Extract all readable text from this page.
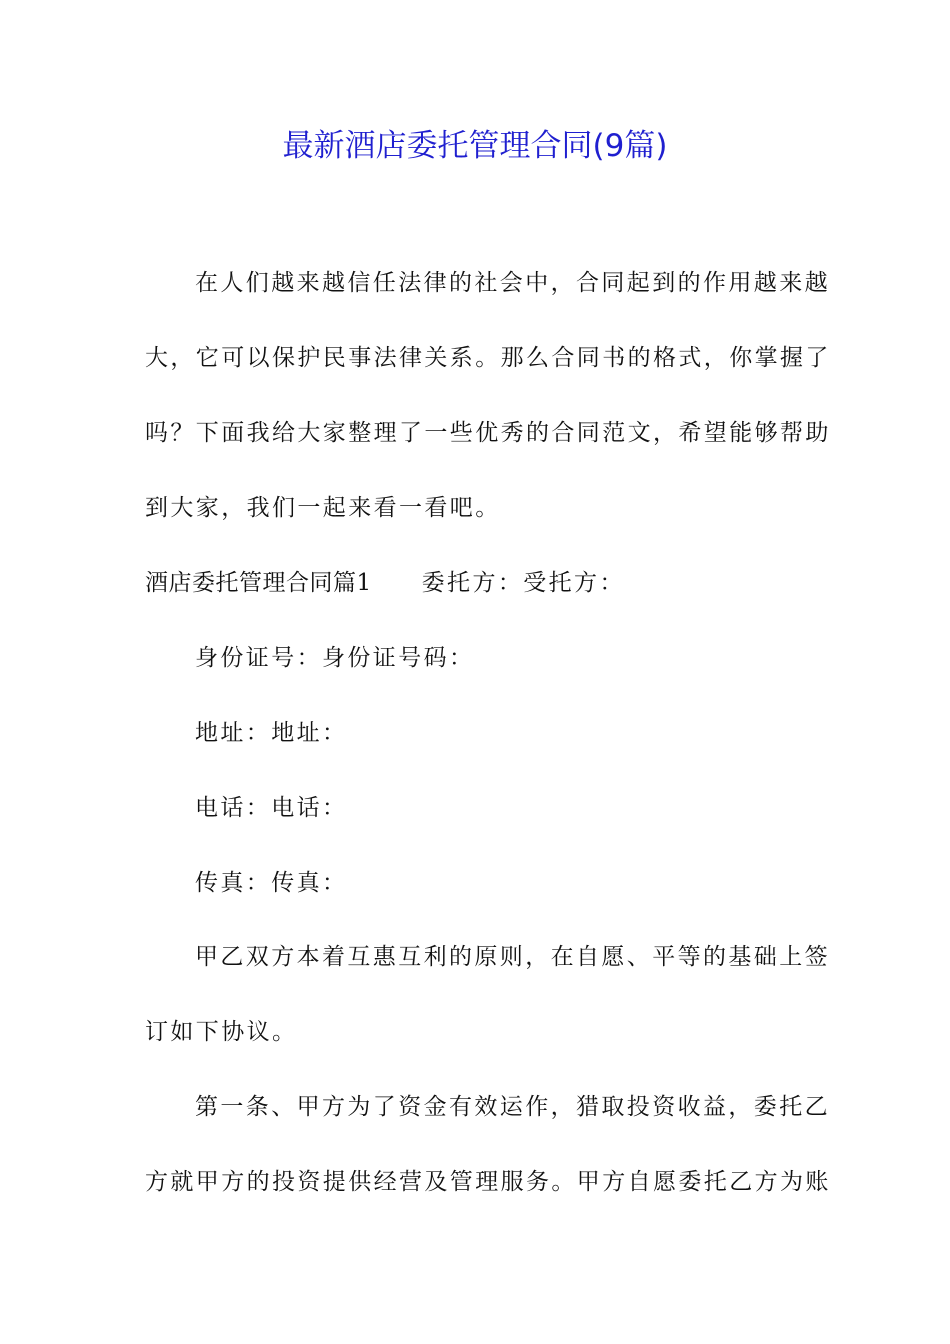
最新酒店委托管理合同(9篇)
在人们越来越信任法律的社会中，合同起到的作用越来越
大，它可以保护民事法律关系。那么合同书的格式，你掌握了
吗？下面我给大家整理了一些优秀的合同范文，希望能够帮助
到大家，我们一起来看一看吧。
酒店委托管理合同篇1 委托方：受托方：
身份证号：身份证号码：
地址：地址：
电话：电话：
传真：传真：
甲乙双方本着互惠互利的原则，在自愿、平等的基础上签
订如下协议。
第一条、甲方为了资金有效运作，猎取投资收益，委托乙
方就甲方的投资提供经营及管理服务。甲方自愿委托乙方为账
